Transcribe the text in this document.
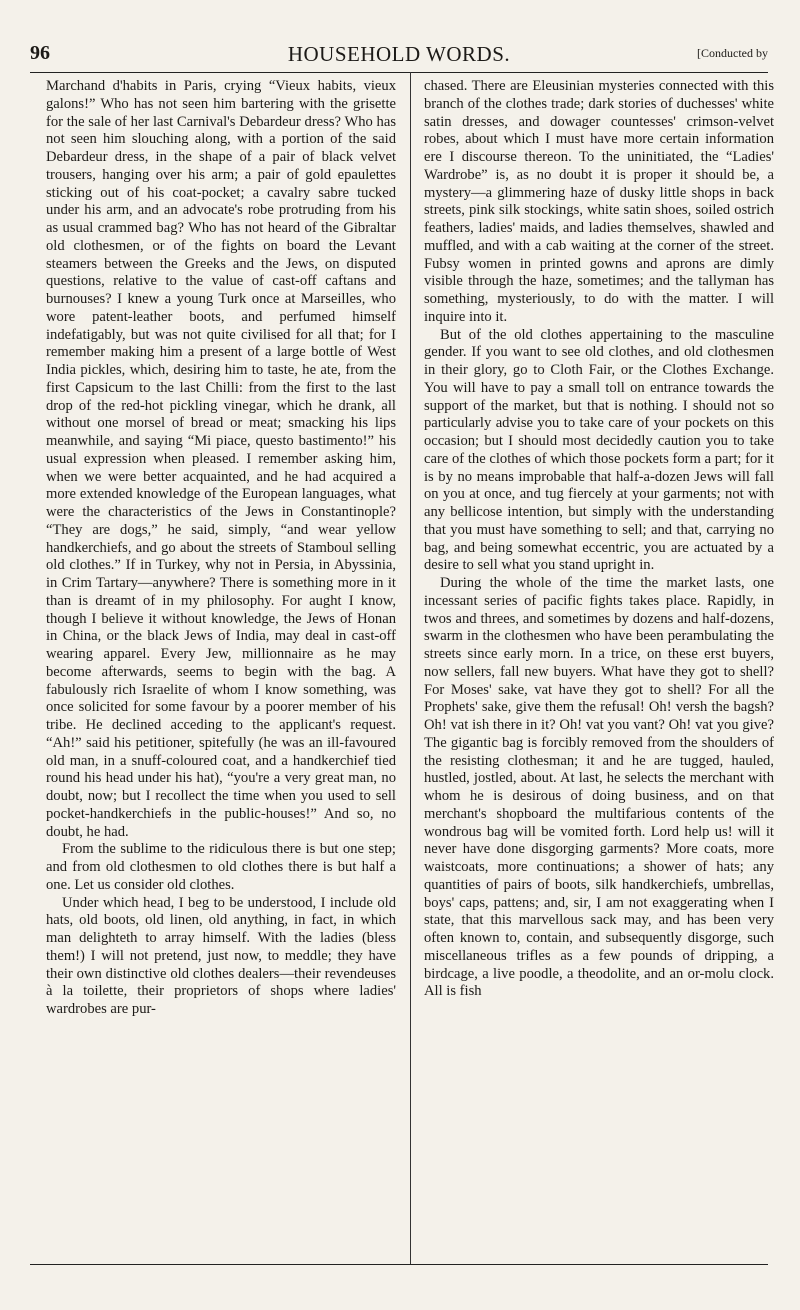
96	HOUSEHOLD WORDS.	[Conducted by

Marchand d'habits in Paris, crying “Vieux habits, vieux galons!” Who has not seen him bartering with the grisette for the sale of her last Carnival's Debardeur dress? Who has not seen him slouching along, with a portion of the said Debardeur dress, in the shape of a pair of black velvet trousers, hanging over his arm; a pair of gold epaulettes sticking out of his coat-pocket; a cavalry sabre tucked under his arm, and an advocate's robe protruding from his as usual crammed bag? Who has not heard of the Gibraltar old clothesmen, or of the fights on board the Levant steamers between the Greeks and the Jews, on disputed questions, relative to the value of cast-off caftans and burnouses? I knew a young Turk once at Marseilles, who wore patent-leather boots, and perfumed himself indefatigably, but was not quite civilised for all that; for I remember making him a present of a large bottle of West India pickles, which, desiring him to taste, he ate, from the first Capsicum to the last Chilli: from the first to the last drop of the red-hot pickling vinegar, which he drank, all without one morsel of bread or meat; smacking his lips meanwhile, and saying “Mi piace, questo bastimento!” his usual expression when pleased. I remember asking him, when we were better acquainted, and he had acquired a more extended knowledge of the European languages, what were the characteristics of the Jews in Constantinople? “They are dogs,” he said, simply, “and wear yellow handkerchiefs, and go about the streets of Stamboul selling old clothes.” If in Turkey, why not in Persia, in Abyssinia, in Crim Tartary—anywhere? There is something more in it than is dreamt of in my philosophy. For aught I know, though I believe it without knowledge, the Jews of Honan in China, or the black Jews of India, may deal in cast-off wearing apparel. Every Jew, millionnaire as he may become afterwards, seems to begin with the bag. A fabulously rich Israelite of whom I know something, was once solicited for some favour by a poorer member of his tribe. He declined acceding to the applicant's request. “Ah!” said his petitioner, spitefully (he was an ill-favoured old man, in a snuff-coloured coat, and a handkerchief tied round his head under his hat), “you're a very great man, no doubt, now; but I recollect the time when you used to sell pocket-handkerchiefs in the public-houses!” And so, no doubt, he had.

From the sublime to the ridiculous there is but one step; and from old clothesmen to old clothes there is but half a one. Let us consider old clothes.

Under which head, I beg to be understood, I include old hats, old boots, old linen, old anything, in fact, in which man delighteth to array himself. With the ladies (bless them!) I will not pretend, just now, to meddle; they have their own distinctive old clothes dealers—their revendeuses à la toilette, their proprietors of shops where ladies' wardrobes are pur-

chased. There are Eleusinian mysteries connected with this branch of the clothes trade; dark stories of duchesses' white satin dresses, and dowager countesses' crimson-velvet robes, about which I must have more certain information ere I discourse thereon. To the uninitiated, the “Ladies' Wardrobe” is, as no doubt it is proper it should be, a mystery—a glimmering haze of dusky little shops in back streets, pink silk stockings, white satin shoes, soiled ostrich feathers, ladies' maids, and ladies themselves, shawled and muffled, and with a cab waiting at the corner of the street. Fubsy women in printed gowns and aprons are dimly visible through the haze, sometimes; and the tallyman has something, mysteriously, to do with the matter. I will inquire into it.

But of the old clothes appertaining to the masculine gender. If you want to see old clothes, and old clothesmen in their glory, go to Cloth Fair, or the Clothes Exchange. You will have to pay a small toll on entrance towards the support of the market, but that is nothing. I should not so particularly advise you to take care of your pockets on this occasion; but I should most decidedly caution you to take care of the clothes of which those pockets form a part; for it is by no means improbable that half-a-dozen Jews will fall on you at once, and tug fiercely at your garments; not with any bellicose intention, but simply with the understanding that you must have something to sell; and that, carrying no bag, and being somewhat eccentric, you are actuated by a desire to sell what you stand upright in.

During the whole of the time the market lasts, one incessant series of pacific fights takes place. Rapidly, in twos and threes, and sometimes by dozens and half-dozens, swarm in the clothesmen who have been perambulating the streets since early morn. In a trice, on these erst buyers, now sellers, fall new buyers. What have they got to shell? For Moses' sake, vat have they got to shell? For all the Prophets' sake, give them the refusal! Oh! versh the bagsh? Oh! vat ish there in it? Oh! vat you vant? Oh! vat you give? The gigantic bag is forcibly removed from the shoulders of the resisting clothesman; it and he are tugged, hauled, hustled, jostled, about. At last, he selects the merchant with whom he is desirous of doing business, and on that merchant's shopboard the multifarious contents of the wondrous bag will be vomited forth. Lord help us! will it never have done disgorging garments? More coats, more waistcoats, more continuations; a shower of hats; any quantities of pairs of boots, silk handkerchiefs, umbrellas, boys' caps, pattens; and, sir, I am not exaggerating when I state, that this marvellous sack may, and has been very often known to, contain, and subsequently disgorge, such miscellaneous trifles as a few pounds of dripping, a birdcage, a live poodle, a theodolite, and an or-molu clock. All is fish
